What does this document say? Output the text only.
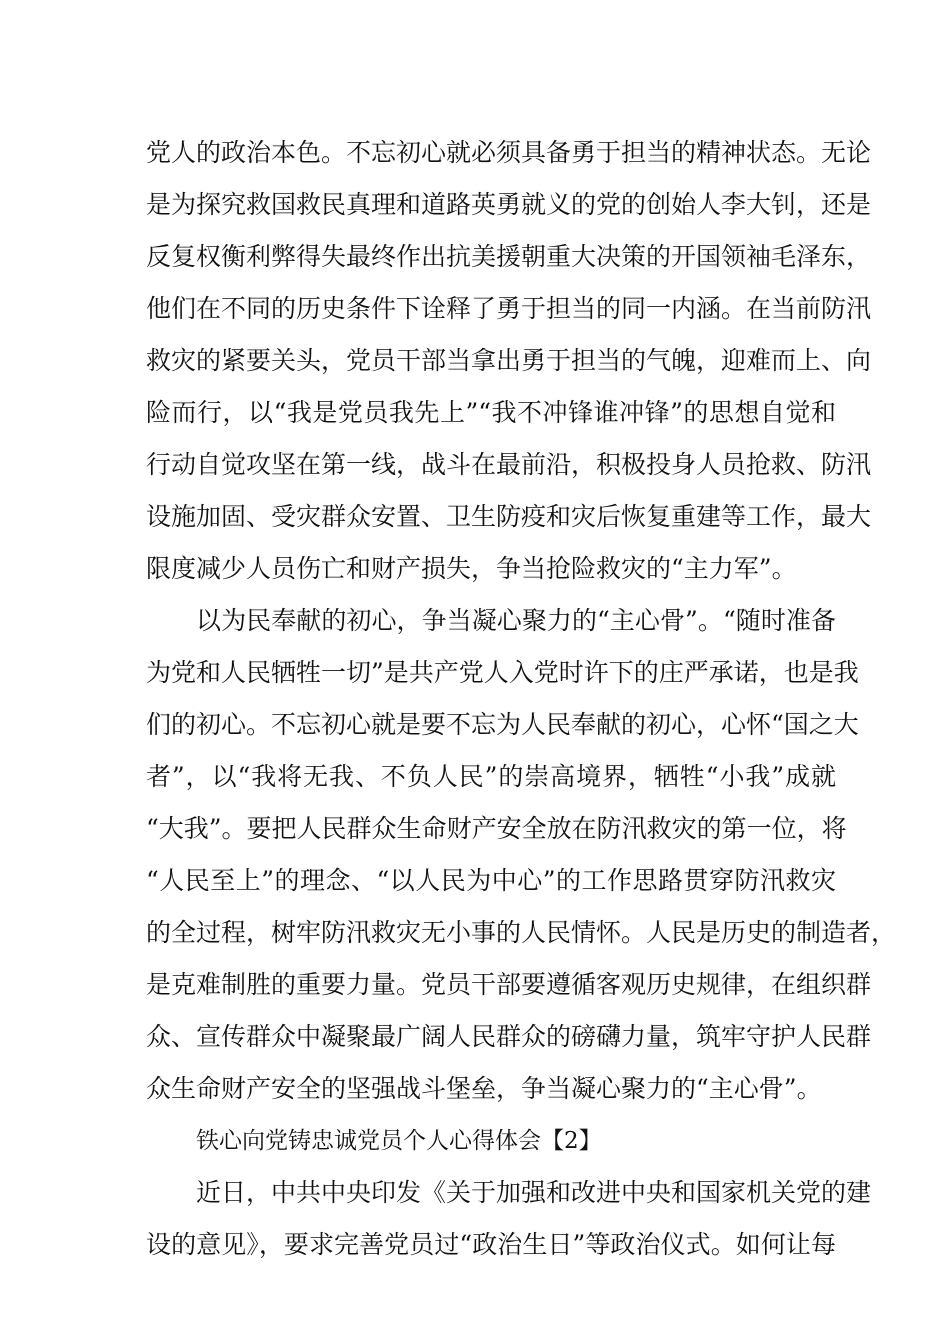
党人的政治本色。不忘初心就必须具备勇于担当的精神状态。无论
是为探究救国救民真理和道路英勇就义的党的创始人李大钊，还是
反复权衡利弊得失最终作出抗美援朝重大决策的开国领袖毛泽东，
他们在不同的历史条件下诠释了勇于担当的同一内涵。在当前防汛
救灾的紧要关头，党员干部当拿出勇于担当的气魄，迎难而上、向
险而行，以“我是党员我先上”“我不冲锋谁冲锋”的思想自觉和
行动自觉攻坚在第一线，战斗在最前沿，积极投身人员抢救、防汛
设施加固、受灾群众安置、卫生防疫和灾后恢复重建等工作，最大
限度减少人员伤亡和财产损失，争当抢险救灾的“主力军”。
以为民奉献的初心，争当凝心聚力的“主心骨”。“随时准备
为党和人民牺牲一切”是共产党人入党时许下的庄严承诺，也是我
们的初心。不忘初心就是要不忘为人民奉献的初心，心怀“国之大
者”，以“我将无我、不负人民”的崇高境界，牺牲“小我”成就
“大我”。要把人民群众生命财产安全放在防汛救灾的第一位，将
“人民至上”的理念、“以人民为中心”的工作思路贯穿防汛救灾
的全过程，树牢防汛救灾无小事的人民情怀。人民是历史的制造者，
是克难制胜的重要力量。党员干部要遵循客观历史规律，在组织群
众、宣传群众中凝聚最广阔人民群众的磅礴力量，筑牢守护人民群
众生命财产安全的坚强战斗堡垒，争当凝心聚力的“主心骨”。
铁心向党铸忠诚党员个人心得体会【2】
近日，中共中央印发《关于加强和改进中央和国家机关党的建
设的意见》，要求完善党员过“政治生日”等政治仪式。如何让每
